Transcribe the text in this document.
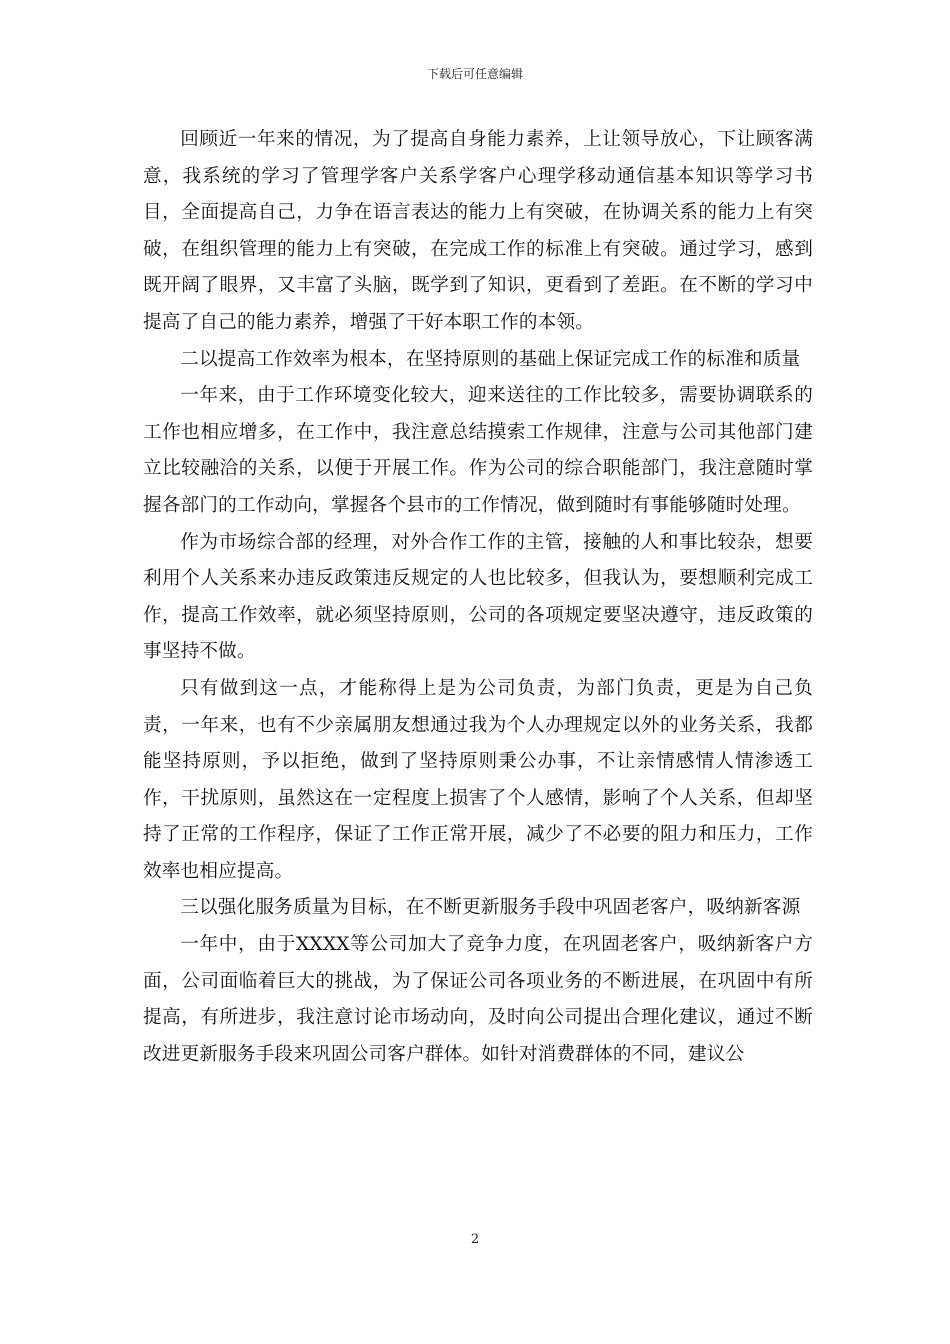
下载后可任意编辑

回顾近一年来的情况，为了提高自身能力素养，上让领导放心，下让顾客满意，我系统的学习了管理学客户关系学客户心理学移动通信基本知识等学习书目，全面提高自己，力争在语言表达的能力上有突破，在协调关系的能力上有突破，在组织管理的能力上有突破，在完成工作的标准上有突破。通过学习，感到既开阔了眼界，又丰富了头脑，既学到了知识，更看到了差距。在不断的学习中提高了自己的能力素养，增强了干好本职工作的本领。

二以提高工作效率为根本，在坚持原则的基础上保证完成工作的标准和质量

一年来，由于工作环境变化较大，迎来送往的工作比较多，需要协调联系的工作也相应增多，在工作中，我注意总结摸索工作规律，注意与公司其他部门建立比较融洽的关系，以便于开展工作。作为公司的综合职能部门，我注意随时掌握各部门的工作动向，掌握各个县市的工作情况，做到随时有事能够随时处理。

作为市场综合部的经理，对外合作工作的主管，接触的人和事比较杂，想要利用个人关系来办违反政策违反规定的人也比较多，但我认为，要想顺利完成工作，提高工作效率，就必须坚持原则，公司的各项规定要坚决遵守，违反政策的事坚持不做。

只有做到这一点，才能称得上是为公司负责，为部门负责，更是为自己负责，一年来，也有不少亲属朋友想通过我为个人办理规定以外的业务关系，我都能坚持原则，予以拒绝，做到了坚持原则秉公办事，不让亲情感情人情渗透工作，干扰原则，虽然这在一定程度上损害了个人感情，影响了个人关系，但却坚持了正常的工作程序，保证了工作正常开展，减少了不必要的阻力和压力，工作效率也相应提高。

三以强化服务质量为目标，在不断更新服务手段中巩固老客户，吸纳新客源

一年中，由于XXXX等公司加大了竞争力度，在巩固老客户，吸纳新客户方面，公司面临着巨大的挑战，为了保证公司各项业务的不断进展，在巩固中有所提高，有所进步，我注意讨论市场动向，及时向公司提出合理化建议，通过不断改进更新服务手段来巩固公司客户群体。如针对消费群体的不同，建议公

2
